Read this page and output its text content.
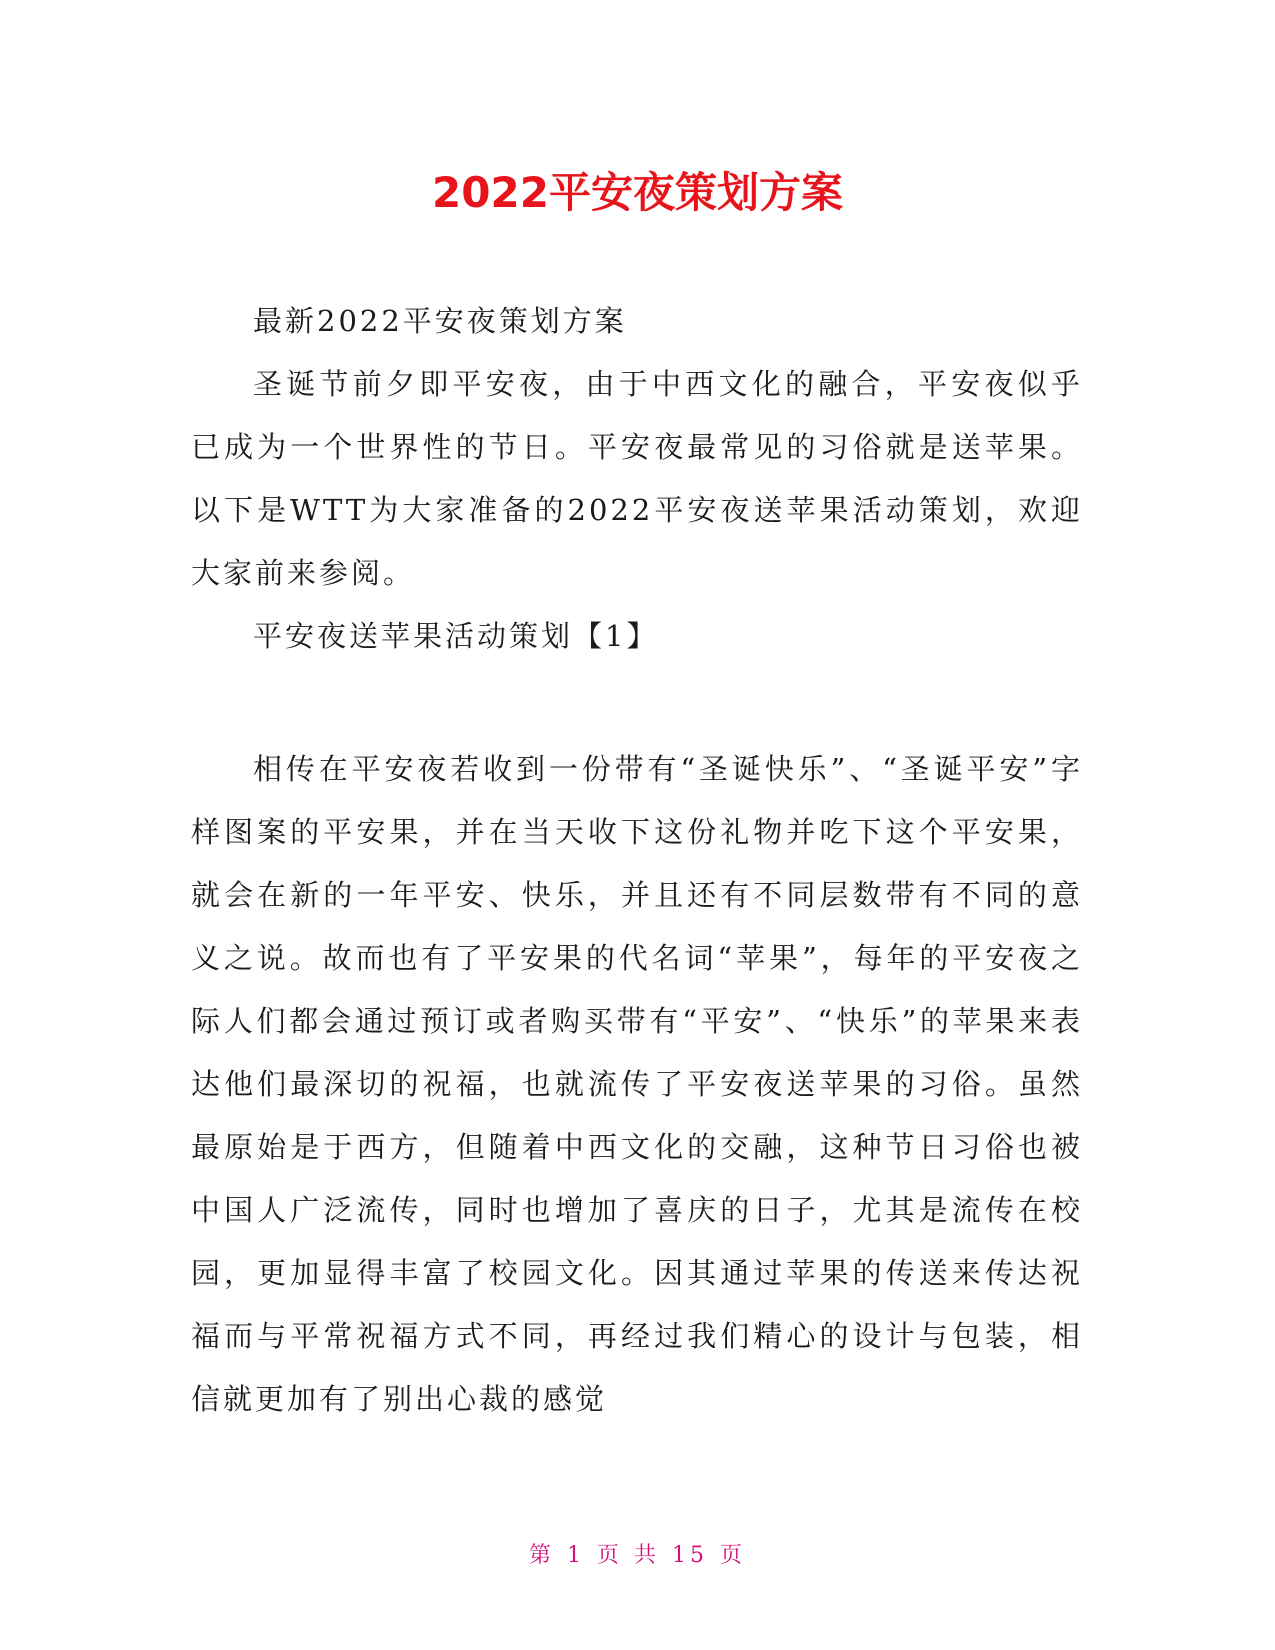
2022平安夜策划方案

最新2022平安夜策划方案

圣诞节前夕即平安夜，由于中西文化的融合，平安夜似乎已成为一个世界性的节日。平安夜最常见的习俗就是送苹果。以下是WTT为大家准备的2022平安夜送苹果活动策划，欢迎大家前来参阅。

平安夜送苹果活动策划【1】

相传在平安夜若收到一份带有“圣诞快乐”、“圣诞平安”字样图案的平安果，并在当天收下这份礼物并吃下这个平安果，就会在新的一年平安、快乐，并且还有不同层数带有不同的意义之说。故而也有了平安果的代名词“苹果”，每年的平安夜之际人们都会通过预订或者购买带有“平安”、“快乐”的苹果来表达他们最深切的祝福，也就流传了平安夜送苹果的习俗。虽然最原始是于西方，但随着中西文化的交融，这种节日习俗也被中国人广泛流传，同时也增加了喜庆的日子，尤其是流传在校园，更加显得丰富了校园文化。因其通过苹果的传送来传达祝福而与平常祝福方式不同，再经过我们精心的设计与包装，相信就更加有了别出心裁的感觉

第 1 页 共 15 页
